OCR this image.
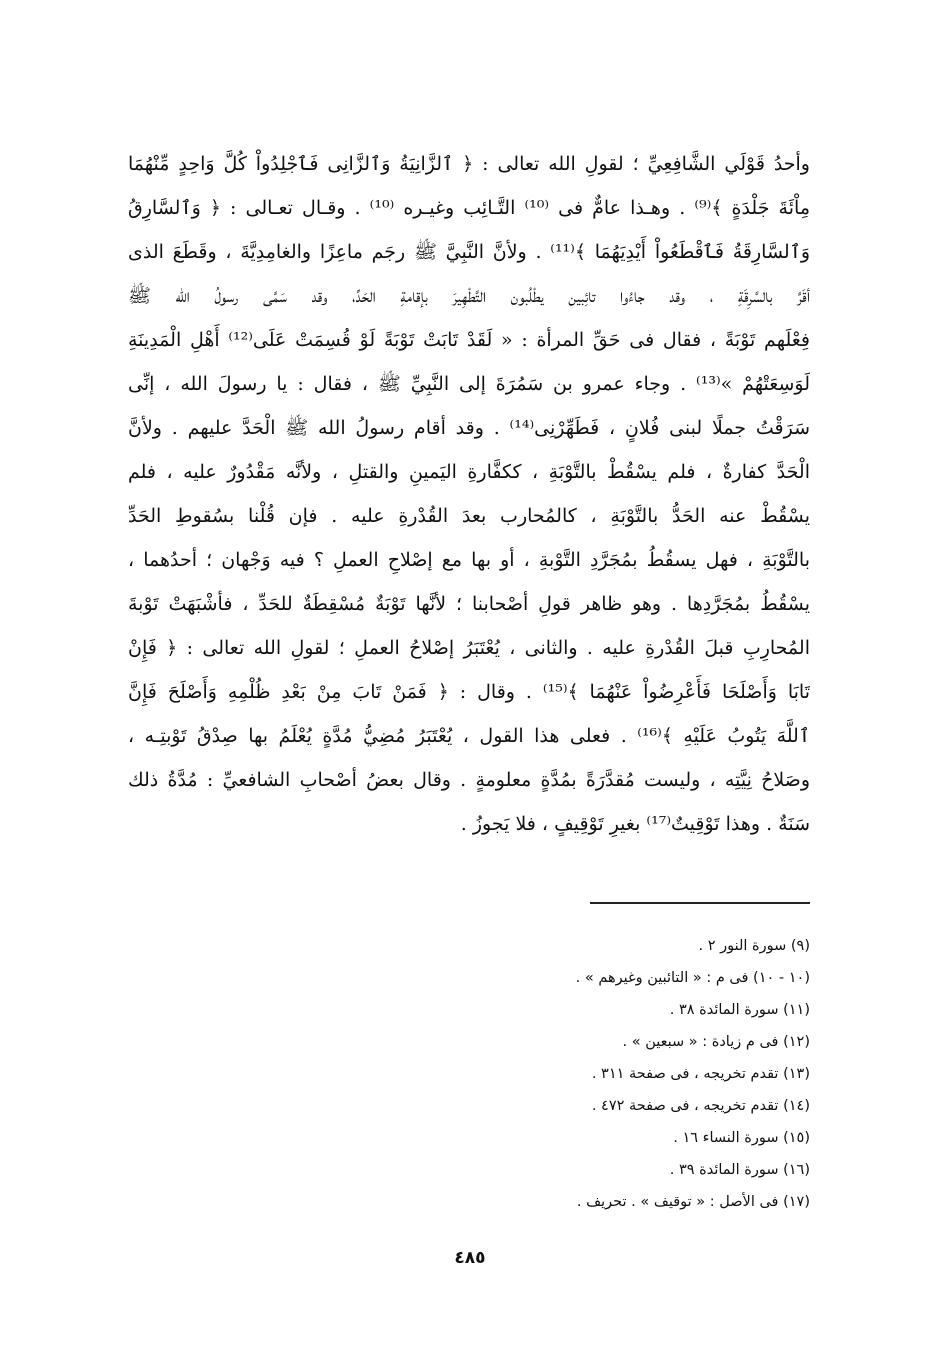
وأحدُ قَوْلَي الشَّافِعِيِّ ؛ لقولِ الله تعالى : ﴿ ٱلزَّانِيَةُ وَٱلزَّانِى فَٱجْلِدُواْ كُلَّ وَاحِدٍ مِّنْهُمَا
مِاْئَةَ جَلْدَةٍ ﴾⁽⁹⁾ . وهـذا عامٌّ فى ⁽¹⁰⁾ التَّـائِب وغيـره ⁽¹⁰⁾ . وقـال تعـالى : ﴿ وَٱلسَّارِقُ
وَٱلسَّارِقَةُ فَٱقْطَعُواْ أَيْدِيَهُمَا ﴾⁽¹¹⁾ . ولأنَّ النَّبِيَّ ﷺ رجَم ماعِزًا والغامِدِيَّةَ ، وقَطَعَ الذى
أقَرَّ بالسَّرِقَةِ ، وقد جاءُوا تائِبين يطْلُبون التَّطْهِيرَ بإقامةِ الحَدِّ، وقد سَمَّى رسولُ الله ﷺ
فِعْلَهم تَوْبَةً ، فقال فى حَقِّ المرأة : « لَقَدْ تَابَتْ تَوْبَةً لَوْ قُسِمَتْ عَلَى⁽¹²⁾ أَهْلِ الْمَدِينَةِ
لَوَسِعَتْهُمْ »⁽¹³⁾ . وجاء عمرو بن سَمُرَةَ إلى النَّبِيِّ ﷺ ، فقال : يا رسولَ الله ، إنِّى
سَرَقْتُ جملًا لبنى فُلانٍ ، فَطَهِّرْنِى⁽¹⁴⁾ . وقد أقام رسولُ الله ﷺ الْحَدَّ عليهم . ولأنَّ
الْحَدَّ كفارةٌ ، فلم يسْقُطْ بالتَّوْبَةِ ، ككفَّارةِ اليَمينِ والقتلِ ، ولأنَّه مَقْدُورٌ عليه ، فلم
يسْقُطْ عنه الحَدُّ بالتَّوْبَةِ ، كالمُحارب بعدَ القُدْرةِ عليه . فإن قُلْنا بسُقوطِ الحَدِّ
بالتَّوْبَةِ ، فهل يسقُطُ بمُجَرَّدِ التَّوْبةِ ، أو بها مع إصْلاحِ العملِ ؟ فيه وَجْهان ؛ أحدُهما ،
يسْقُطُ بمُجَرَّدِها . وهو ظاهر قولِ أصْحابنا ؛ لأنَّها تَوْبَةٌ مُسْقِطَةٌ للحَدِّ ، فأشْبَهَتْ تَوْبةَ
المُحارِبِ قبلَ القُدْرةِ عليه . والثانى ، يُعْتَبَرُ إصْلاحُ العملِ ؛ لقولِ الله تعالى : ﴿ فَإِنْ
تَابَا وَأَصْلَحَا فَأَعْرِضُواْ عَنْهُمَا ﴾⁽¹⁵⁾ . وقال : ﴿ فَمَنْ تَابَ مِنْ بَعْدِ ظُلْمِهِ وَأَصْلَحَ فَإِنَّ
ٱللَّهَ يَتُوبُ عَلَيْهِ ﴾⁽¹⁶⁾ . فعلى هذا القول ، يُعْتَبَرُ مُضِيُّ مُدَّةٍ يُعْلَمُ بها صِدْقُ تَوْبتِـه ،
وصَلاحُ نِيَّتِه ، وليست مُقدَّرَةً بمُدَّةٍ معلومةٍ . وقال بعضُ أصْحابِ الشافعيِّ : مُدَّةُ ذلك
سَنَةٌ . وهذا تَوْقِيتٌ⁽¹⁷⁾ بغيرِ تَوْقِيفٍ ، فلا يَجوزُ .
(٩) سورة النور ٢ .
(١٠ - ١٠) فى م : « التائبين وغيرهم » .
(١١) سورة المائدة ٣٨ .
(١٢) فى م زيادة : « سبعين » .
(١٣) تقدم تخريجه ، فى صفحة ٣١١ .
(١٤) تقدم تخريجه ، فى صفحة ٤٧٢ .
(١٥) سورة النساء ١٦ .
(١٦) سورة المائدة ٣٩ .
(١٧) فى الأصل : « توقيف » . تحريف .
٤٨٥
